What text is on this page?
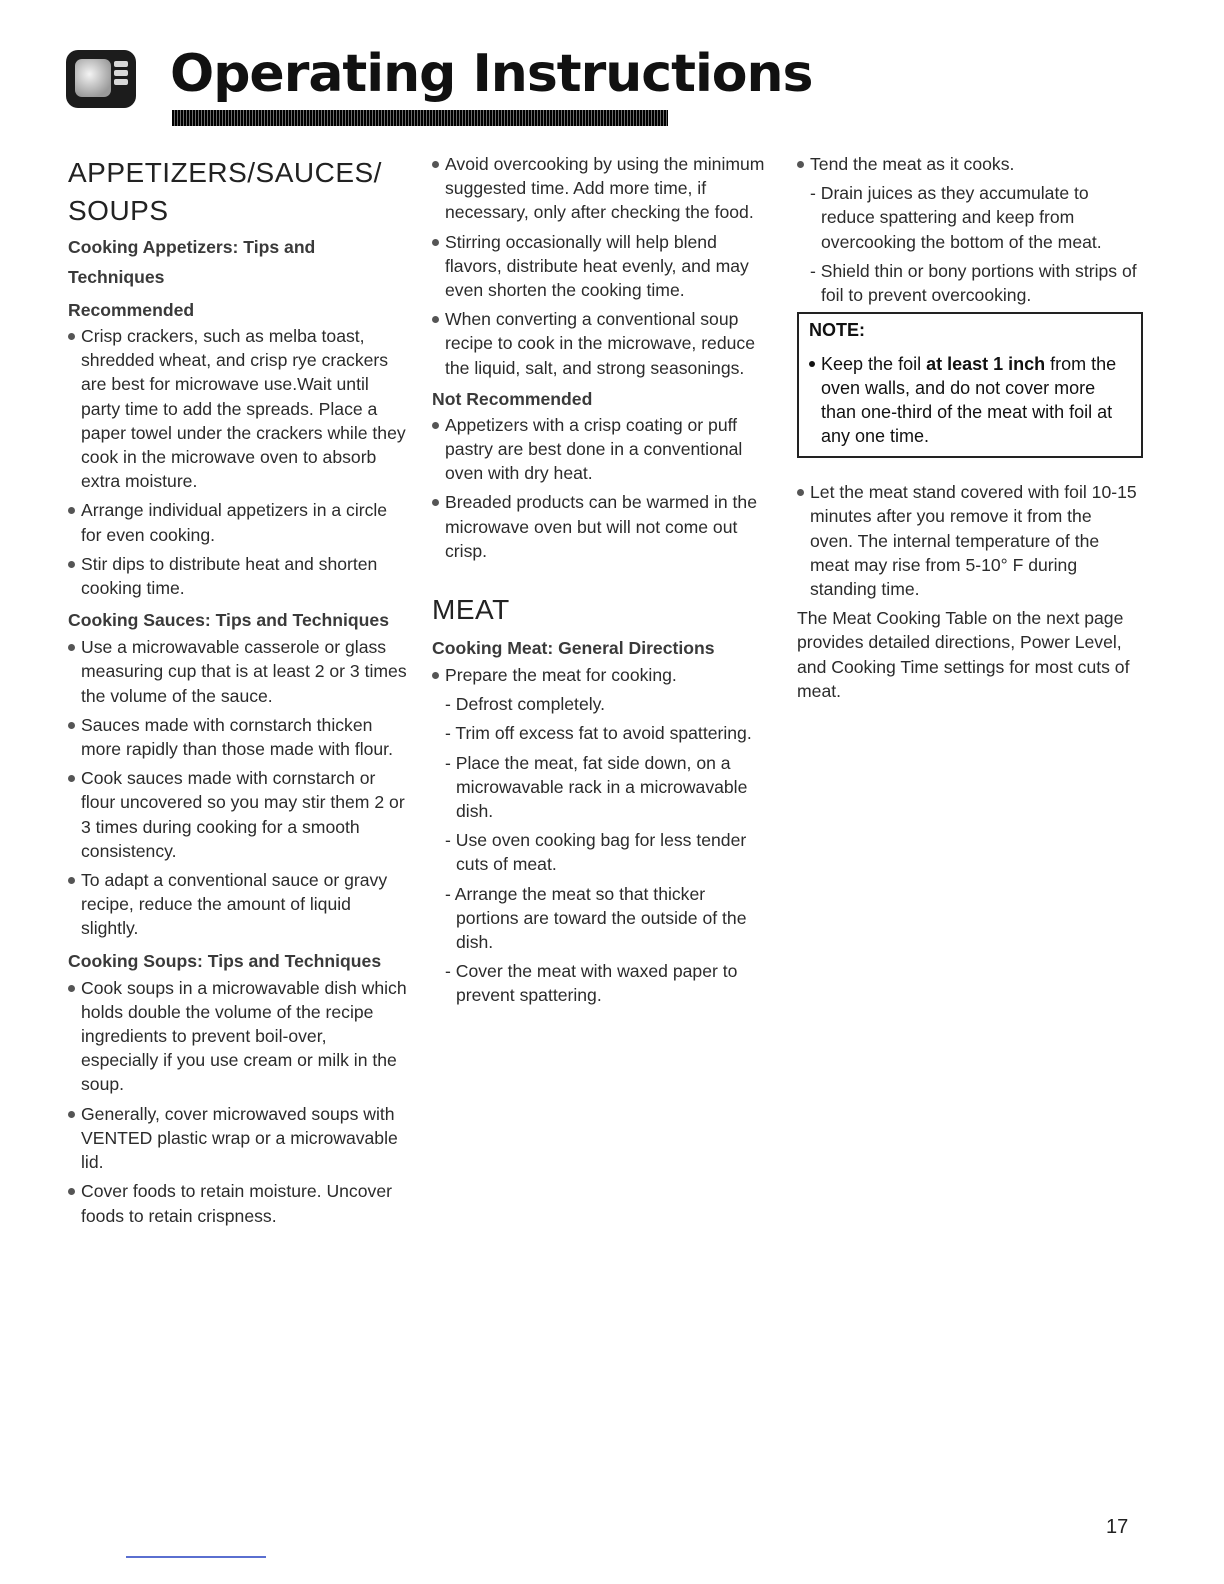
Operating Instructions
APPETIZERS/SAUCES/
SOUPS
Cooking Appetizers: Tips and Techniques
Recommended
Crisp crackers, such as melba toast, shredded wheat, and crisp rye crackers are best for microwave use.Wait until party time to add the spreads. Place a paper towel under the crackers while they cook in the microwave oven to absorb extra moisture.
Arrange individual appetizers in a circle for even cooking.
Stir dips to distribute heat and shorten cooking time.
Cooking Sauces: Tips and Techniques
Use a microwavable casserole or glass measuring cup that is at least 2 or 3 times the volume of the sauce.
Sauces made with cornstarch thicken more rapidly than those made with flour.
Cook sauces made with cornstarch or flour uncovered so you may stir them 2 or 3 times during cooking for a smooth consistency.
To adapt a conventional sauce or gravy recipe, reduce the amount of liquid slightly.
Cooking Soups: Tips and Techniques
Cook soups in a microwavable dish which holds double the volume of the recipe ingredients to prevent boil-over, especially if you use cream or milk in the soup.
Generally, cover microwaved soups with VENTED plastic wrap or a microwavable lid.
Cover foods to retain moisture. Uncover foods to retain crispness.
Avoid overcooking by using the minimum suggested time. Add more time, if necessary, only after checking the food.
Stirring occasionally will help blend flavors, distribute heat evenly, and may even shorten the cooking time.
When converting a conventional soup recipe to cook in the microwave, reduce the liquid, salt, and strong seasonings.
Not Recommended
Appetizers with a crisp coating or puff pastry are best done in a conventional oven with dry heat.
Breaded products can be warmed in the microwave oven but will not come out crisp.
MEAT
Cooking Meat: General Directions
Prepare the meat for cooking.
- Defrost completely.
- Trim off excess fat to avoid spattering.
- Place the meat, fat side down, on a microwavable rack in a microwavable dish.
- Use oven cooking bag for less tender cuts of meat.
- Arrange the meat so that thicker portions are toward the outside of the dish.
- Cover the meat with waxed paper to prevent spattering.
Tend the meat as it cooks.
- Drain juices as they accumulate to reduce spattering and keep from overcooking the bottom of the meat.
- Shield thin or bony portions with strips of foil to prevent overcooking.
NOTE:
Keep the foil at least 1 inch from the oven walls, and do not cover more than one-third of the meat with foil at any one time.
Let the meat stand covered with foil 10-15 minutes after you remove it from the oven. The internal temperature of the meat may rise from 5-10° F during standing time.
The Meat Cooking Table on the next page provides detailed directions, Power Level, and Cooking Time settings for most cuts of meat.
17
